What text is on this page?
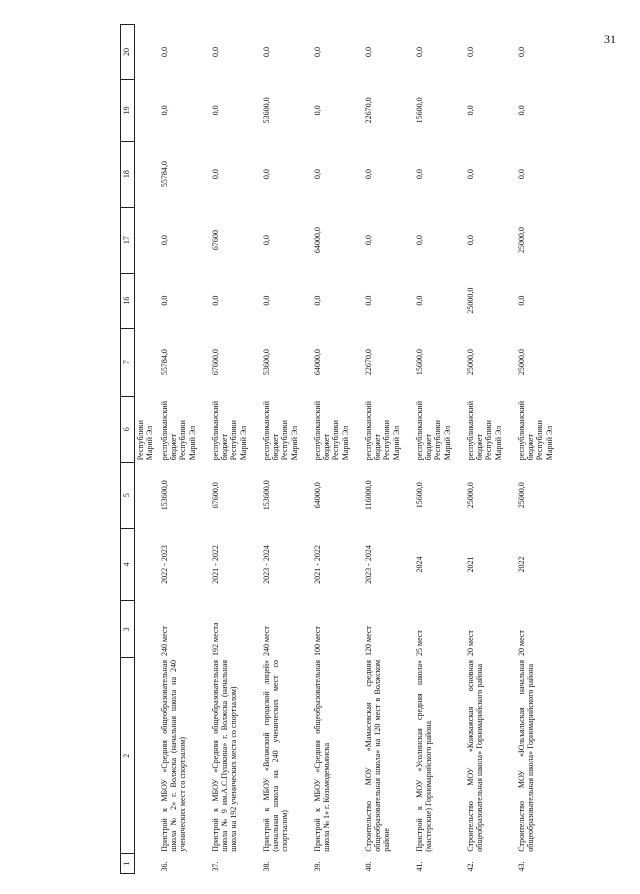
31
1	2	3	4	5	6	7	16	17	18	19	20
					Республики Марий Эл						
36.	Пристрой к МБОУ «Средняя общеобразовательная школа № 2» г. Волжска (начальная школа на 240 ученических мест со спортзалом)	240 мест	2022 - 2023	153600,0	республиканский бюджет Республики Марий Эл	55784,0	0,0	0,0	55784,0	0,0	0,0
37.	Пристрой к МБОУ «Средняя общеобразовательная школа № 9 им.А.С.Пушкина» г. Волжска (начальная школа на 192 ученических места со спортзалом)	192 места	2021 - 2022	67600,0	республиканский бюджет Республики Марий Эл	67600,0	0,0	67600	0,0	0,0	0,0
38.	Пристрой к МБОУ «Волжский городской лицей» (начальная школа на 240 ученических мест со спортзалом)	240 мест	2023 - 2024	153600,0	республиканский бюджет Республики Марий Эл	53600,0	0,0	0,0	0,0	53600,0	0,0
39.	Пристрой к МБОУ «Средняя общеобразовательная школа № 1» г. Козьмодемьянска	100 мест	2021 - 2022	64000,0	республиканский бюджет Республики Марий Эл	64000,0	0,0	64000,0	0,0	0,0	0,0
40.	Строительство МОУ «Мамасевская средняя общеобразовательная школа» на 120 мест в Волжском районе	120 мест	2023 - 2024	116000,0	республиканский бюджет Республики Марий Эл	22670,0	0,0	0,0	0,0	22670,0	0,0
41.	Пристрой к МОУ «Усолинская средняя школа» (мастерские) Горномарийского района	25 мест	2024	15600,0	республиканский бюджет Республики Марий Эл	15600,0	0,0	0,0	0,0	15600,0	0,0
42.	Строительство МОУ «Кожважская основная общеобразовательная школа» Горномарийского района	20 мест	2021	25000,0	республиканский бюджет Республики Марий Эл	25000,0	25000,0	0,0	0,0	0,0	0,0
43.	Строительство МОУ «Юльъяльская начальная общеобразовательная школа» Горномарийского района	20 мест	2022	25000,0	республиканский бюджет Республики Марий Эл	25000,0	0,0	25000,0	0,0	0,0	0,0
